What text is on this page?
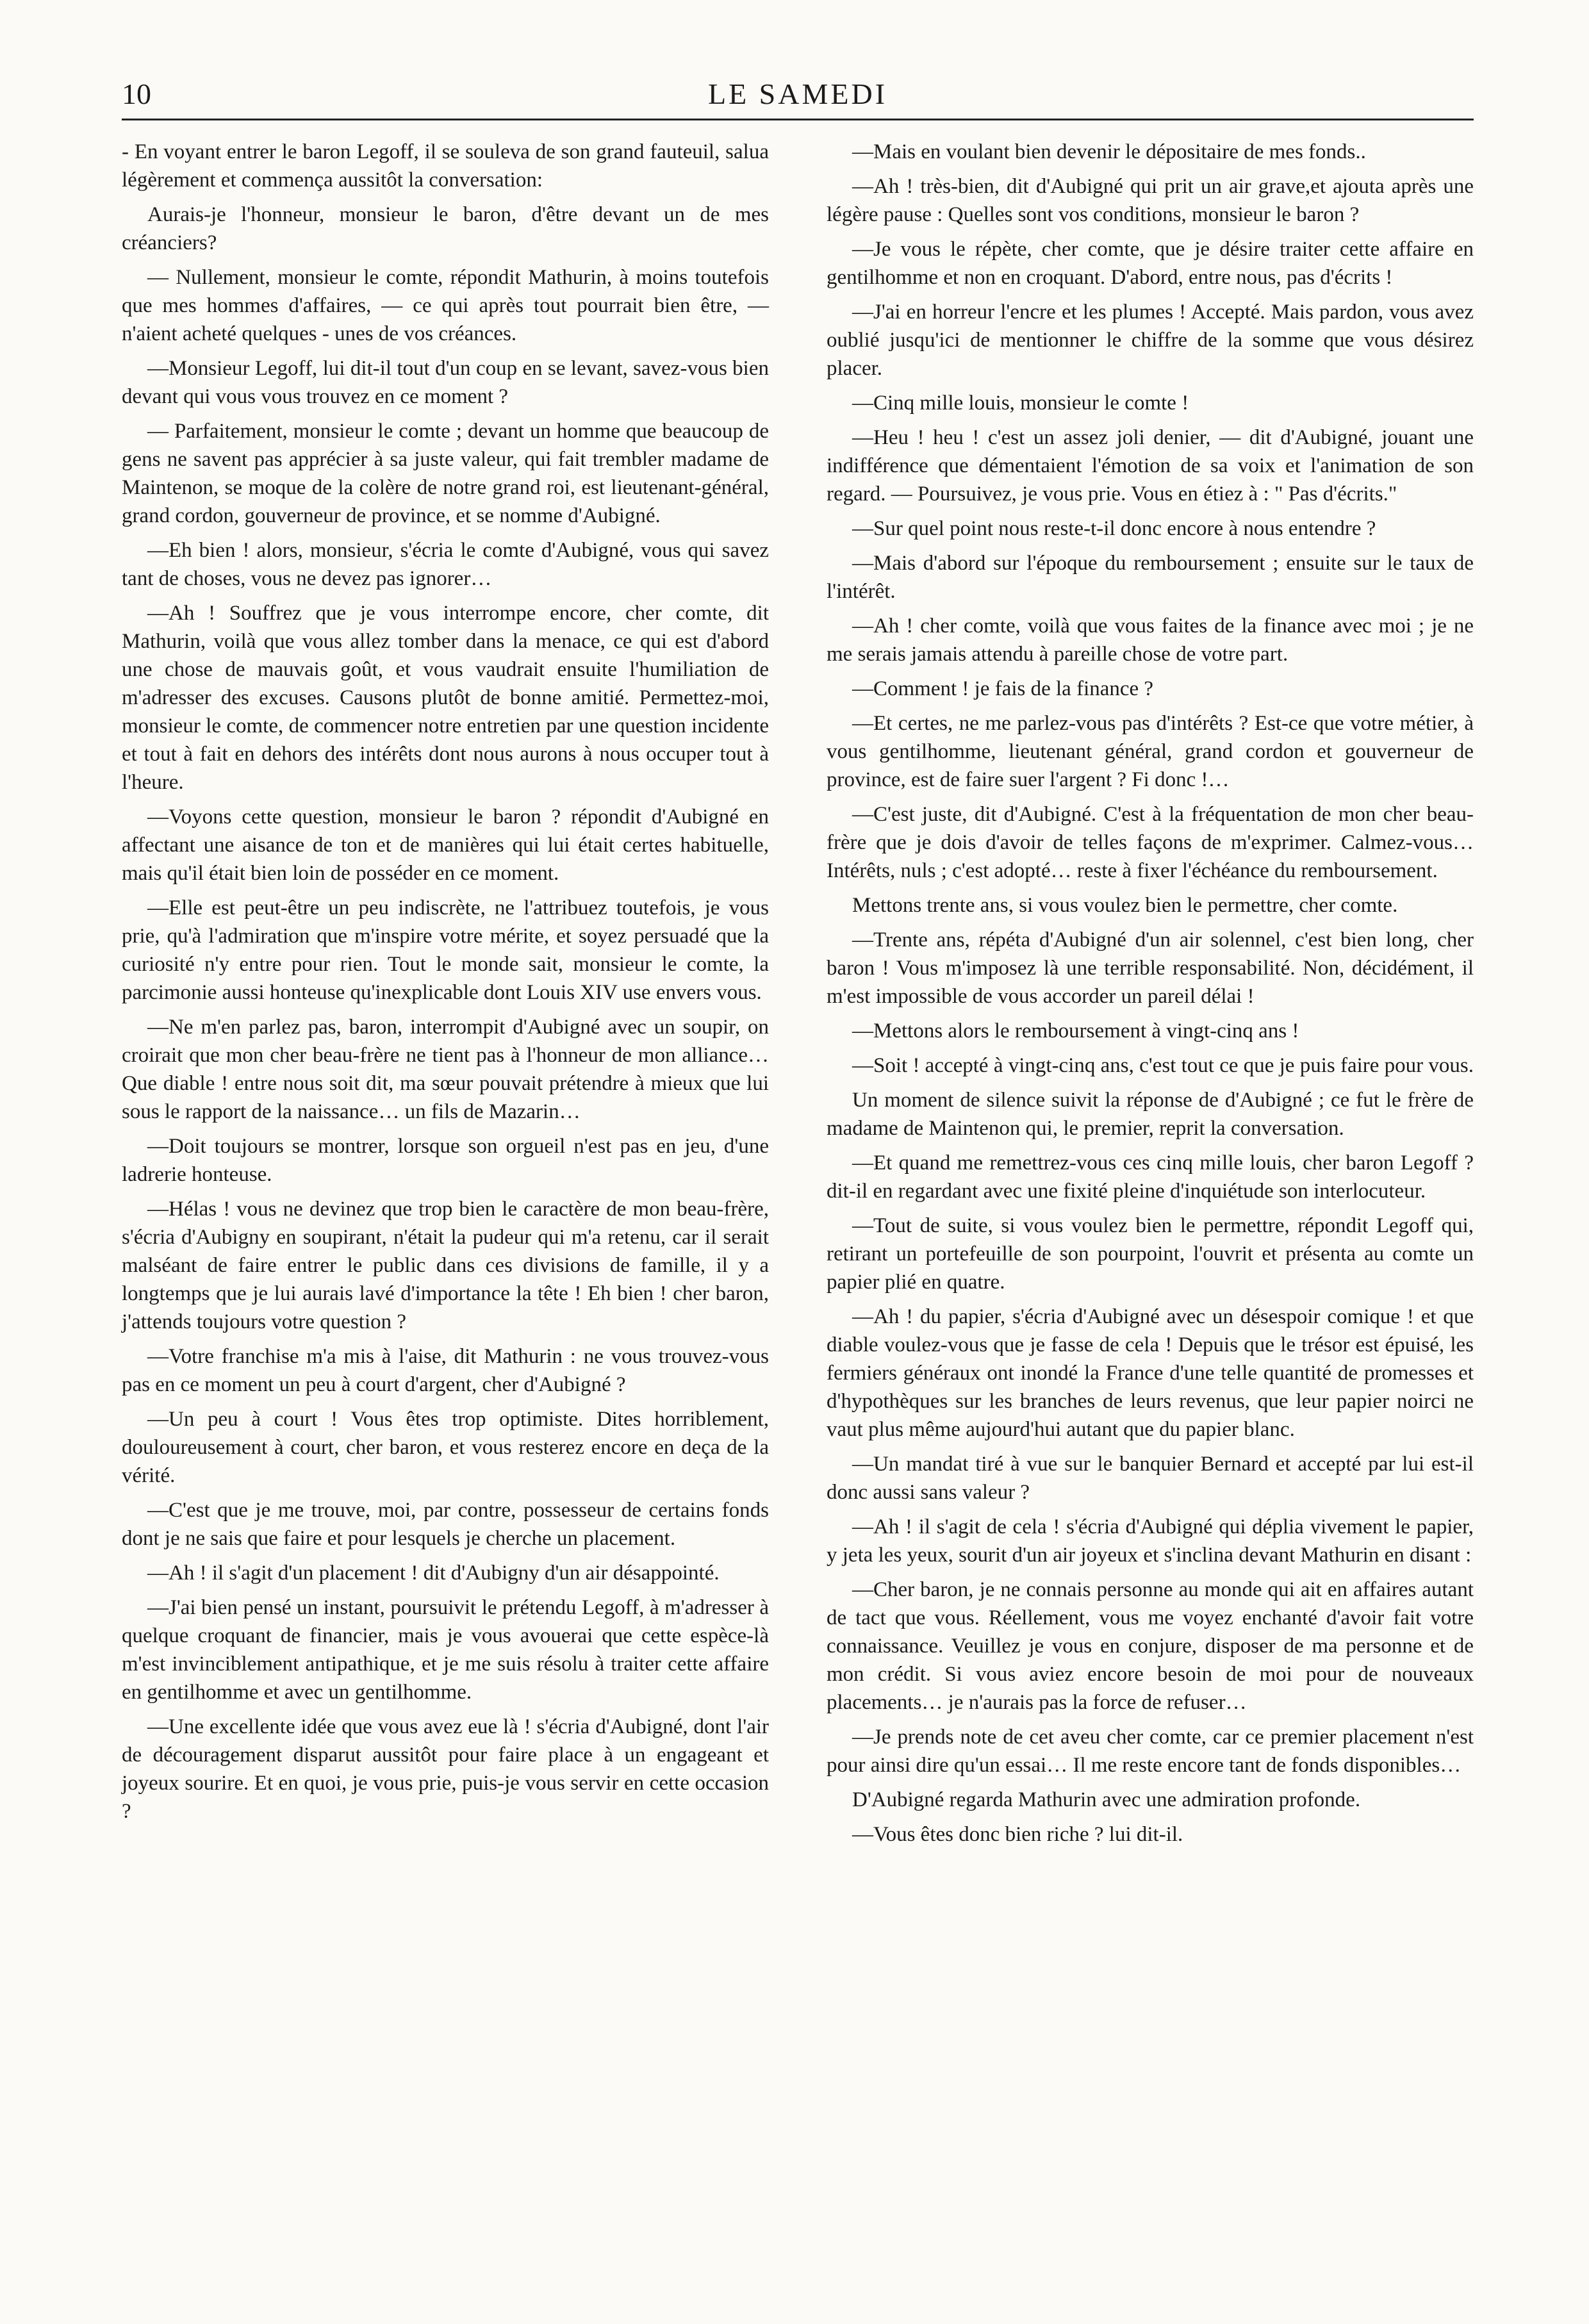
10	LE SAMEDI

- En voyant entrer le baron Legoff, il se souleva de son grand fauteuil, salua légèrement et commença aussitôt la conversation:

Aurais-je l'honneur, monsieur le baron, d'être devant un de mes créanciers?

— Nullement, monsieur le comte, répondit Mathurin, à moins toutefois que mes hommes d'affaires, — ce qui après tout pourrait bien être, — n'aient acheté quelques - unes de vos créances.

—Monsieur Legoff, lui dit-il tout d'un coup en se levant, savez-vous bien devant qui vous vous trouvez en ce moment ?

— Parfaitement, monsieur le comte ; devant un homme que beaucoup de gens ne savent pas apprécier à sa juste valeur, qui fait trembler madame de Maintenon, se moque de la colère de notre grand roi, est lieutenant-général, grand cordon, gouverneur de province, et se nomme d'Aubigné.

—Eh bien ! alors, monsieur, s'écria le comte d'Aubigné, vous qui savez tant de choses, vous ne devez pas ignorer…

—Ah ! Souffrez que je vous interrompe encore, cher comte, dit Mathurin, voilà que vous allez tomber dans la menace, ce qui est d'abord une chose de mauvais goût, et vous vaudrait ensuite l'humiliation de m'adresser des excuses. Causons plutôt de bonne amitié. Permettez-moi, monsieur le comte, de commencer notre entretien par une question incidente et tout à fait en dehors des intérêts dont nous aurons à nous occuper tout à l'heure.

—Voyons cette question, monsieur le baron ? répondit d'Aubigné en affectant une aisance de ton et de manières qui lui était certes habituelle, mais qu'il était bien loin de posséder en ce moment.

—Elle est peut-être un peu indiscrète, ne l'attribuez toutefois, je vous prie, qu'à l'admiration que m'inspire votre mérite, et soyez persuadé que la curiosité n'y entre pour rien. Tout le monde sait, monsieur le comte, la parcimonie aussi honteuse qu'inexplicable dont Louis XIV use envers vous.

—Ne m'en parlez pas, baron, interrompit d'Aubigné avec un soupir, on croirait que mon cher beau-frère ne tient pas à l'honneur de mon alliance… Que diable ! entre nous soit dit, ma sœur pouvait prétendre à mieux que lui sous le rapport de la naissance… un fils de Mazarin…

—Doit toujours se montrer, lorsque son orgueil n'est pas en jeu, d'une ladrerie honteuse.

—Hélas ! vous ne devinez que trop bien le caractère de mon beau-frère, s'écria d'Aubigny en soupirant, n'était la pudeur qui m'a retenu, car il serait malséant de faire entrer le public dans ces divisions de famille, il y a longtemps que je lui aurais lavé d'importance la tête ! Eh bien ! cher baron, j'attends toujours votre question ?

—Votre franchise m'a mis à l'aise, dit Mathurin : ne vous trouvez-vous pas en ce moment un peu à court d'argent, cher d'Aubigné ?

—Un peu à court ! Vous êtes trop optimiste. Dites horriblement, douloureusement à court, cher baron, et vous resterez encore en deça de la vérité.

—C'est que je me trouve, moi, par contre, possesseur de certains fonds dont je ne sais que faire et pour lesquels je cherche un placement.

—Ah ! il s'agit d'un placement ! dit d'Aubigny d'un air désappointé.

—J'ai bien pensé un instant, poursuivit le prétendu Legoff, à m'adresser à quelque croquant de financier, mais je vous avouerai que cette espèce-là m'est invinciblement antipathique, et je me suis résolu à traiter cette affaire en gentilhomme et avec un gentilhomme.

—Une excellente idée que vous avez eue là ! s'écria d'Aubigné, dont l'air de découragement disparut aussitôt pour faire place à un engageant et joyeux sourire. Et en quoi, je vous prie, puis-je vous servir en cette occasion ?

—Mais en voulant bien devenir le dépositaire de mes fonds..

—Ah ! très-bien, dit d'Aubigné qui prit un air grave,et ajouta après une légère pause : Quelles sont vos conditions, monsieur le baron ?

—Je vous le répète, cher comte, que je désire traiter cette affaire en gentilhomme et non en croquant. D'abord, entre nous, pas d'écrits !

—J'ai en horreur l'encre et les plumes ! Accepté. Mais pardon, vous avez oublié jusqu'ici de mentionner le chiffre de la somme que vous désirez placer.

—Cinq mille louis, monsieur le comte !

—Heu ! heu ! c'est un assez joli denier, — dit d'Aubigné, jouant une indifférence que démentaient l'émotion de sa voix et l'animation de son regard. — Poursuivez, je vous prie. Vous en étiez à : " Pas d'écrits."

—Sur quel point nous reste-t-il donc encore à nous entendre ?

—Mais d'abord sur l'époque du remboursement ; ensuite sur le taux de l'intérêt.

—Ah ! cher comte, voilà que vous faites de la finance avec moi ; je ne me serais jamais attendu à pareille chose de votre part.

—Comment ! je fais de la finance ?

—Et certes, ne me parlez-vous pas d'intérêts ? Est-ce que votre métier, à vous gentilhomme, lieutenant général, grand cordon et gouverneur de province, est de faire suer l'argent ? Fi donc !…

—C'est juste, dit d'Aubigné. C'est à la fréquentation de mon cher beau-frère que je dois d'avoir de telles façons de m'exprimer. Calmez-vous… Intérêts, nuls ; c'est adopté… reste à fixer l'échéance du remboursement.

Mettons trente ans, si vous voulez bien le permettre, cher comte.

—Trente ans, répéta d'Aubigné d'un air solennel, c'est bien long, cher baron ! Vous m'imposez là une terrible responsabilité. Non, décidément, il m'est impossible de vous accorder un pareil délai !

—Mettons alors le remboursement à vingt-cinq ans !

—Soit ! accepté à vingt-cinq ans, c'est tout ce que je puis faire pour vous.

Un moment de silence suivit la réponse de d'Aubigné ; ce fut le frère de madame de Maintenon qui, le premier, reprit la conversation.

—Et quand me remettrez-vous ces cinq mille louis, cher baron Legoff ? dit-il en regardant avec une fixité pleine d'inquiétude son interlocuteur.

—Tout de suite, si vous voulez bien le permettre, répondit Legoff qui, retirant un portefeuille de son pourpoint, l'ouvrit et présenta au comte un papier plié en quatre.

—Ah ! du papier, s'écria d'Aubigné avec un désespoir comique ! et que diable voulez-vous que je fasse de cela ! Depuis que le trésor est épuisé, les fermiers généraux ont inondé la France d'une telle quantité de promesses et d'hypothèques sur les branches de leurs revenus, que leur papier noirci ne vaut plus même aujourd'hui autant que du papier blanc.

—Un mandat tiré à vue sur le banquier Bernard et accepté par lui est-il donc aussi sans valeur ?

—Ah ! il s'agit de cela ! s'écria d'Aubigné qui déplia vivement le papier, y jeta les yeux, sourit d'un air joyeux et s'inclina devant Mathurin en disant :

—Cher baron, je ne connais personne au monde qui ait en affaires autant de tact que vous. Réellement, vous me voyez enchanté d'avoir fait votre connaissance. Veuillez je vous en conjure, disposer de ma personne et de mon crédit. Si vous aviez encore besoin de moi pour de nouveaux placements… je n'aurais pas la force de refuser…

—Je prends note de cet aveu cher comte, car ce premier placement n'est pour ainsi dire qu'un essai… Il me reste encore tant de fonds disponibles…

D'Aubigné regarda Mathurin avec une admiration profonde.

—Vous êtes donc bien riche ? lui dit-il.
